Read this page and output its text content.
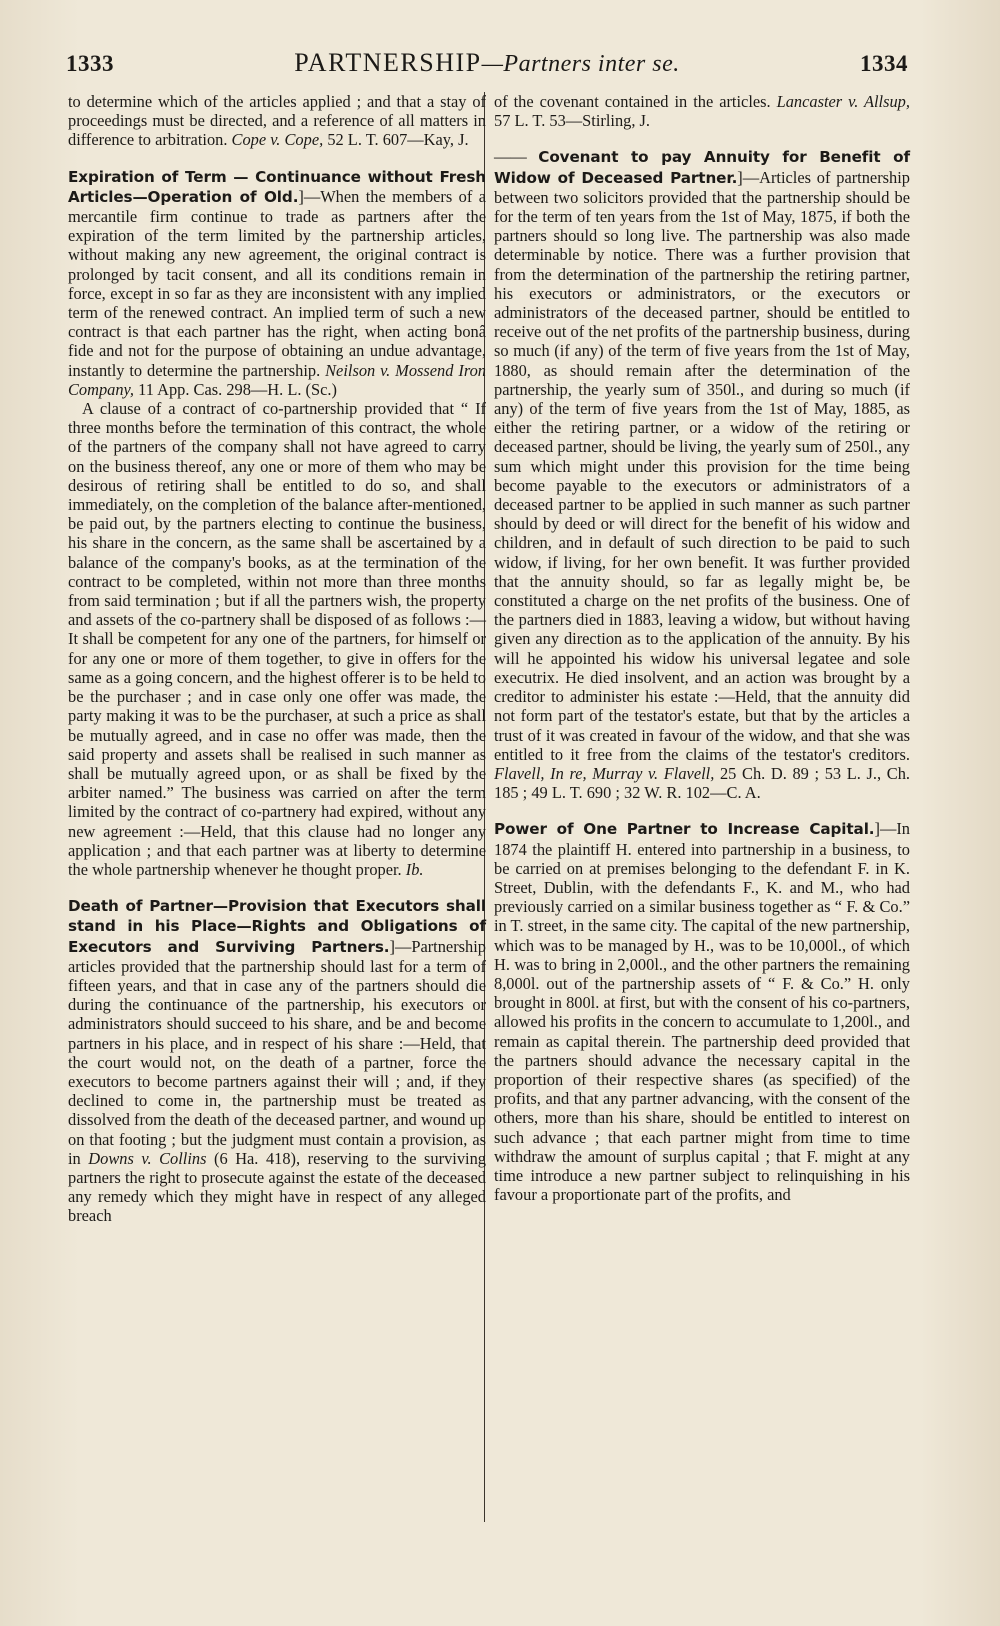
1333	PARTNERSHIP—Partners inter se.	1334

to determine which of the articles applied ; and that a stay of proceedings must be directed, and a reference of all matters in difference to arbitration. Cope v. Cope, 52 L. T. 607—Kay, J.

Expiration of Term — Continuance without Fresh Articles—Operation of Old.]—When the members of a mercantile firm continue to trade as partners after the expiration of the term limited by the partnership articles, without making any new agreement, the original contract is prolonged by tacit consent, and all its conditions remain in force, except in so far as they are inconsistent with any implied term of the renewed contract. An implied term of such a new contract is that each partner has the right, when acting bonâ fide and not for the purpose of obtaining an undue advantage, instantly to determine the partnership. Neilson v. Mossend Iron Company, 11 App. Cas. 298—H. L. (Sc.)

A clause of a contract of co-partnership provided that “ If three months before the termination of this contract, the whole of the partners of the company shall not have agreed to carry on the business thereof, any one or more of them who may be desirous of retiring shall be entitled to do so, and shall immediately, on the completion of the balance after-mentioned, be paid out, by the partners electing to continue the business, his share in the concern, as the same shall be ascertained by a balance of the company's books, as at the termination of the contract to be completed, within not more than three months from said termination ; but if all the partners wish, the property and assets of the co-partnery shall be disposed of as follows :—It shall be competent for any one of the partners, for himself or for any one or more of them together, to give in offers for the same as a going concern, and the highest offerer is to be held to be the purchaser ; and in case only one offer was made, the party making it was to be the purchaser, at such a price as shall be mutually agreed, and in case no offer was made, then the said property and assets shall be realised in such manner as shall be mutually agreed upon, or as shall be fixed by the arbiter named.” The business was carried on after the term limited by the contract of co-partnery had expired, without any new agreement :—Held, that this clause had no longer any application ; and that each partner was at liberty to determine the whole partnership whenever he thought proper. Ib.

Death of Partner—Provision that Executors shall stand in his Place—Rights and Obligations of Executors and Surviving Partners.]—Partnership articles provided that the partnership should last for a term of fifteen years, and that in case any of the partners should die during the continuance of the partnership, his executors or administrators should succeed to his share, and be and become partners in his place, and in respect of his share :—Held, that the court would not, on the death of a partner, force the executors to become partners against their will ; and, if they declined to come in, the partnership must be treated as dissolved from the death of the deceased partner, and wound up on that footing ; but the judgment must contain a provision, as in Downs v. Collins (6 Ha. 418), reserving to the surviving partners the right to prosecute against the estate of the deceased any remedy which they might have in respect of any alleged breach

of the covenant contained in the articles. Lancaster v. Allsup, 57 L. T. 53—Stirling, J.

—— Covenant to pay Annuity for Benefit of Widow of Deceased Partner.]—Articles of partnership between two solicitors provided that the partnership should be for the term of ten years from the 1st of May, 1875, if both the partners should so long live. The partnership was also made determinable by notice. There was a further provision that from the determination of the partnership the retiring partner, his executors or administrators, or the executors or administrators of the deceased partner, should be entitled to receive out of the net profits of the partnership business, during so much (if any) of the term of five years from the 1st of May, 1880, as should remain after the determination of the partnership, the yearly sum of 350l., and during so much (if any) of the term of five years from the 1st of May, 1885, as either the retiring partner, or a widow of the retiring or deceased partner, should be living, the yearly sum of 250l., any sum which might under this provision for the time being become payable to the executors or administrators of a deceased partner to be applied in such manner as such partner should by deed or will direct for the benefit of his widow and children, and in default of such direction to be paid to such widow, if living, for her own benefit. It was further provided that the annuity should, so far as legally might be, be constituted a charge on the net profits of the business. One of the partners died in 1883, leaving a widow, but without having given any direction as to the application of the annuity. By his will he appointed his widow his universal legatee and sole executrix. He died insolvent, and an action was brought by a creditor to administer his estate :—Held, that the annuity did not form part of the testator's estate, but that by the articles a trust of it was created in favour of the widow, and that she was entitled to it free from the claims of the testator's creditors. Flavell, In re, Murray v. Flavell, 25 Ch. D. 89 ; 53 L. J., Ch. 185 ; 49 L. T. 690 ; 32 W. R. 102—C. A.

Power of One Partner to Increase Capital.]—In 1874 the plaintiff H. entered into partnership in a business, to be carried on at premises belonging to the defendant F. in K. Street, Dublin, with the defendants F., K. and M., who had previously carried on a similar business together as “ F. & Co.” in T. street, in the same city. The capital of the new partnership, which was to be managed by H., was to be 10,000l., of which H. was to bring in 2,000l., and the other partners the remaining 8,000l. out of the partnership assets of “ F. & Co.” H. only brought in 800l. at first, but with the consent of his co-partners, allowed his profits in the concern to accumulate to 1,200l., and remain as capital therein. The partnership deed provided that the partners should advance the necessary capital in the proportion of their respective shares (as specified) of the profits, and that any partner advancing, with the consent of the others, more than his share, should be entitled to interest on such advance ; that each partner might from time to time withdraw the amount of surplus capital ; that F. might at any time introduce a new partner subject to relinquishing in his favour a proportionate part of the profits, and
